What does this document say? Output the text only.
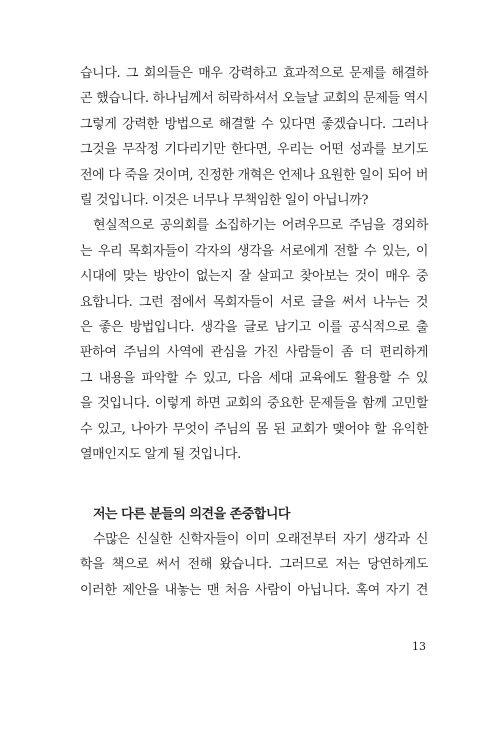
습니다. 그 회의들은 매우 강력하고 효과적으로 문제를 해결하
곤 했습니다. 하나님께서 허락하셔서 오늘날 교회의 문제들 역시
그렇게 강력한 방법으로 해결할 수 있다면 좋겠습니다. 그러나
그것을 무작정 기다리기만 한다면, 우리는 어떤 성과를 보기도
전에 다 죽을 것이며, 진정한 개혁은 언제나 요원한 일이 되어 버
릴 것입니다. 이것은 너무나 무책임한 일이 아닙니까?

현실적으로 공의회를 소집하기는 어려우므로 주님을 경외하
는 우리 목회자들이 각자의 생각을 서로에게 전할 수 있는, 이
시대에 맞는 방안이 없는지 잘 살피고 찾아보는 것이 매우 중
요합니다. 그런 점에서 목회자들이 서로 글을 써서 나누는 것
은 좋은 방법입니다. 생각을 글로 남기고 이를 공식적으로 출
판하여 주님의 사역에 관심을 가진 사람들이 좀 더 편리하게
그 내용을 파악할 수 있고, 다음 세대 교육에도 활용할 수 있
을 것입니다. 이렇게 하면 교회의 중요한 문제들을 함께 고민할
수 있고, 나아가 무엇이 주님의 몸 된 교회가 맺어야 할 유익한
열매인지도 알게 될 것입니다.

저는 다른 분들의 의견을 존중합니다

수많은 신실한 신학자들이 이미 오래전부터 자기 생각과 신
학을 책으로 써서 전해 왔습니다. 그러므로 저는 당연하게도
이러한 제안을 내놓는 맨 처음 사람이 아닙니다. 혹여 자기 견

13
